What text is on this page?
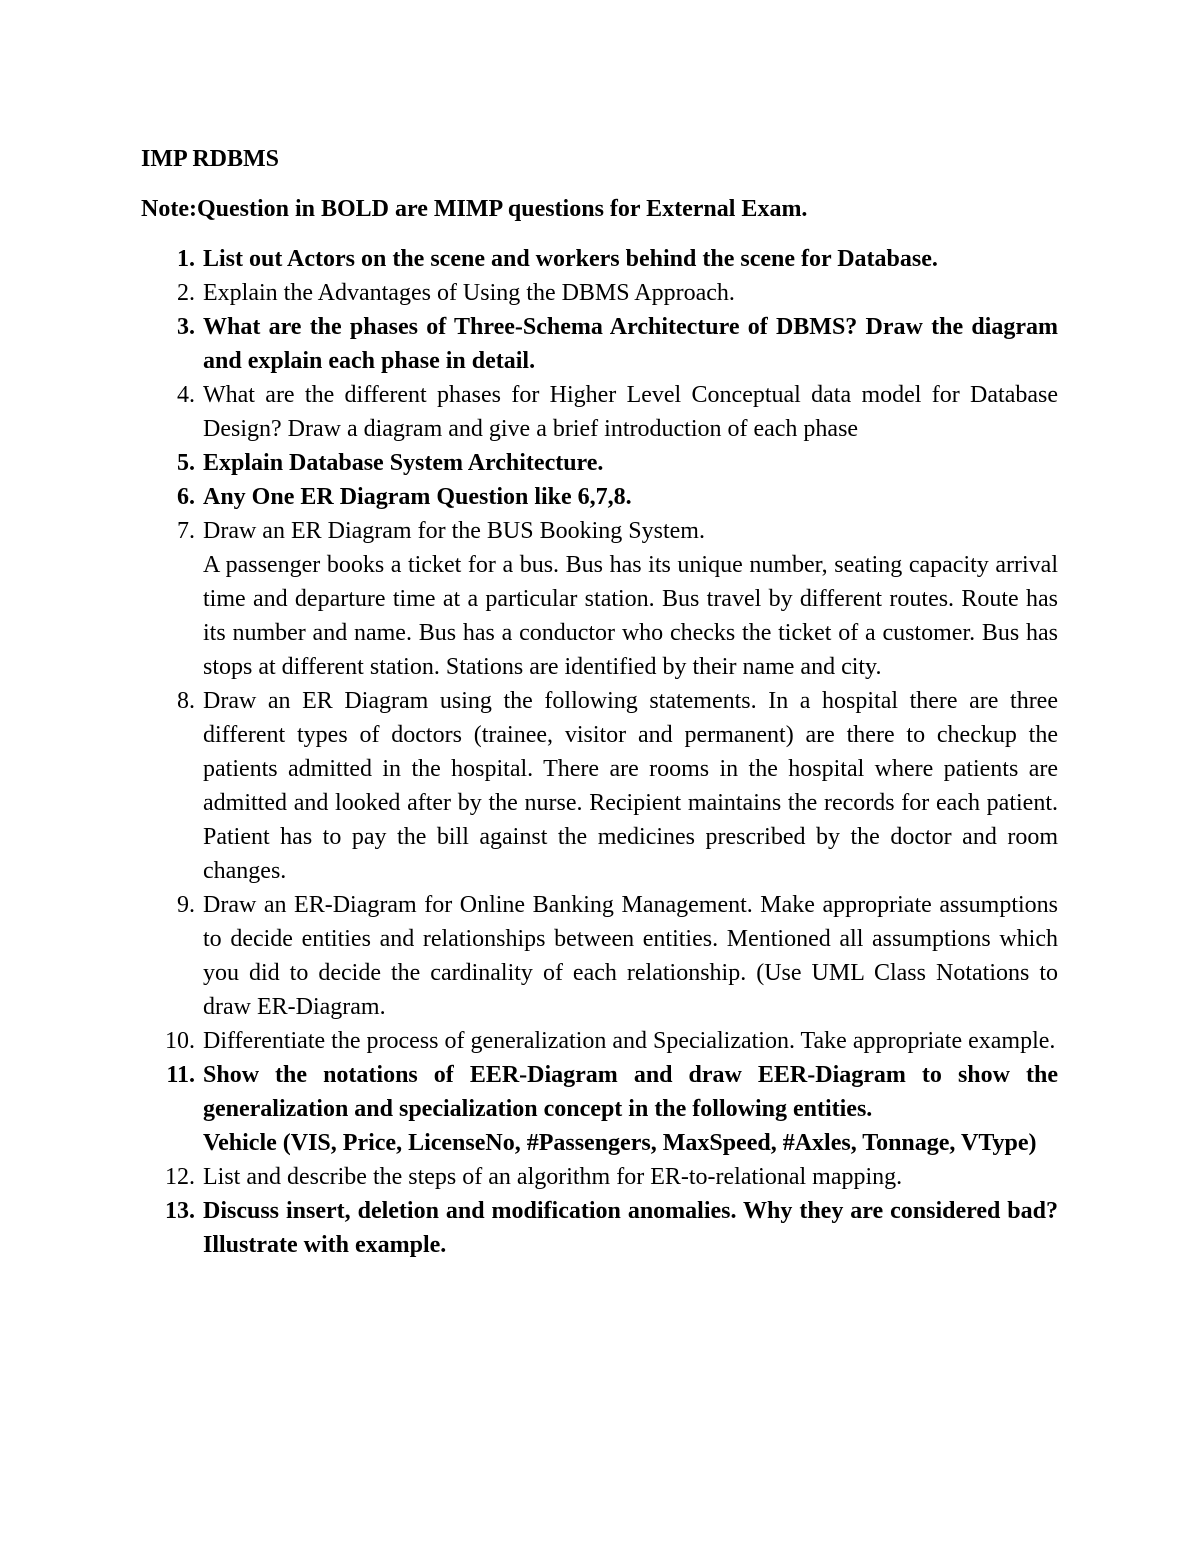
IMP RDBMS
Note:Question in BOLD are MIMP questions for External Exam.
1. List out Actors on the scene and workers behind the scene for Database.
2. Explain the Advantages of Using the DBMS Approach.
3. What are the phases of Three-Schema Architecture of DBMS? Draw the diagram and explain each phase in detail.
4. What are the different phases for Higher Level Conceptual data model for Database Design? Draw a diagram and give a brief introduction of each phase
5. Explain Database System Architecture.
6. Any One ER Diagram Question like 6,7,8.
7. Draw an ER Diagram for the BUS Booking System.
A passenger books a ticket for a bus. Bus has its unique number, seating capacity arrival time and departure time at a particular station. Bus travel by different routes. Route has its number and name. Bus has a conductor who checks the ticket of a customer. Bus has stops at different station. Stations are identified by their name and city.
8. Draw an ER Diagram using the following statements. In a hospital there are three different types of doctors (trainee, visitor and permanent) are there to checkup the patients admitted in the hospital. There are rooms in the hospital where patients are admitted and looked after by the nurse. Recipient maintains the records for each patient. Patient has to pay the bill against the medicines prescribed by the doctor and room changes.
9. Draw an ER-Diagram for Online Banking Management. Make appropriate assumptions to decide entities and relationships between entities. Mentioned all assumptions which you did to decide the cardinality of each relationship. (Use UML Class Notations to draw ER-Diagram.
10. Differentiate the process of generalization and Specialization. Take appropriate example.
11. Show the notations of EER-Diagram and draw EER-Diagram to show the generalization and specialization concept in the following entities.
Vehicle (VIS, Price, LicenseNo, #Passengers, MaxSpeed, #Axles, Tonnage, VType)
12. List and describe the steps of an algorithm for ER-to-relational mapping.
13. Discuss insert, deletion and modification anomalies. Why they are considered bad? Illustrate with example.
